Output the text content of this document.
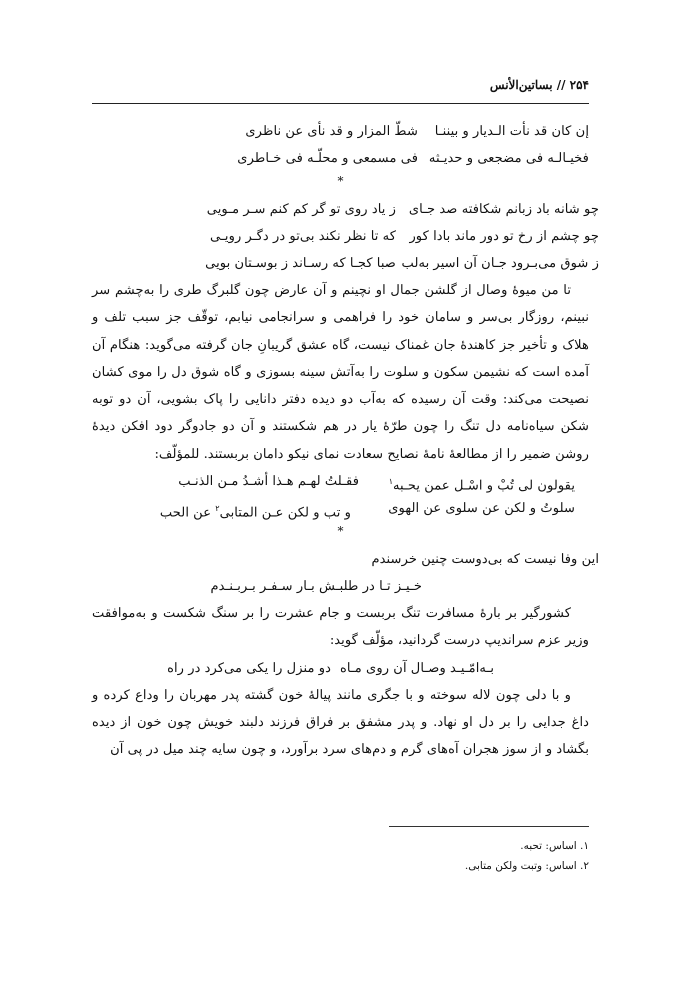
۲۵۴ // بساتین‌الأنس
إن کان قد نأت الـدیار و بیننـا
شطّ المزار و قد نأی عن ناظری
فخیـالـه فی مضجعی و حدیـثه
فی مسمعی و محلّـه فی خـاطری
*
چو شانه باد زبانم شکافته صد جـای
ز یاد روی تو گر کم کنم سـر مـویی
چو چشم از رخ تو دور ماند بادا کور
که تا نظر نکند بی‌تو در دگـر رویـی
ز شوق می‌بـرود جـان آن اسیر به‌لب
صبا کجـا که رسـاند ز بوسـتان بویی

تا من میوهٔ وصال از گلشن جمال او نچینم و آن عارض چون گلبرگ طری را به‌چشم سر نبینم، روزگار بی‌سر و سامان خود را فراهمی و سرانجامی نیابم، توقّف جز سبب تلف و هلاک و تأخیر جز کاهندهٔ جان غمناک نیست، گاه عشق گریبانِ جان گرفته می‌گوید: هنگام آن آمده است که نشیمن سکون و سلوت را به‌آتش سینه بسوزی و گاه شوق دل را موی کشان نصیحت می‌کند: وقت آن رسیده که به‌آب دو دیده دفتر دانایی را پاک بشویی، آن دو توبه شکن سیاه‌نامه دل تنگ را چون طرّهٔ یار در هم شکستند و آن دو جادوگر دود افکن دیدهٔ روشن ضمیر را از مطالعهٔ نامهٔ نصایح سعادت نمای نیکو دامان بربستند. للمؤلّف:

یقولون لی تُبْ و اسْـل عمن یحـبه$^۱$
فقـلتُ لهـم هـذا أشـدُ مـن الذنـب
سلوتُ و لکن عن سلوی عن الهوی
و تب و لکن عـن المتابی$^۲$ عن الحب
*
این وفا نیست که بی‌دوست چنین خرسندم
خـیـز تـا در طلبـش بـار سـفـر بـربـنـدم

کشورگیر بر بارهٔ مسافرت تنگ بربست و جام عشرت را بر سنگ شکست و به‌موافقت وزیر عزم سراندیپ درست گردانید، مؤلّف گوید:

بـه‌امّـیـد وصـال آن روی مـاه
دو منزل را یکی می‌کرد در راه

و با دلی چون لاله سوخته و با جگری مانند پیالهٔ خون گشته پدر مهربان را وداع کرده و داغ جدایی را بر دل او نهاد. و پدر مشفق بر فراق فرزند دلبند خویش چون خون از دیده بگشاد و از سوز هجران آه‌های گرم و دم‌های سرد برآورد، و چون سایه چند میل در پی آن

۱. اساس: تحبه.
۲. اساس: وتبت ولکن متابی.
